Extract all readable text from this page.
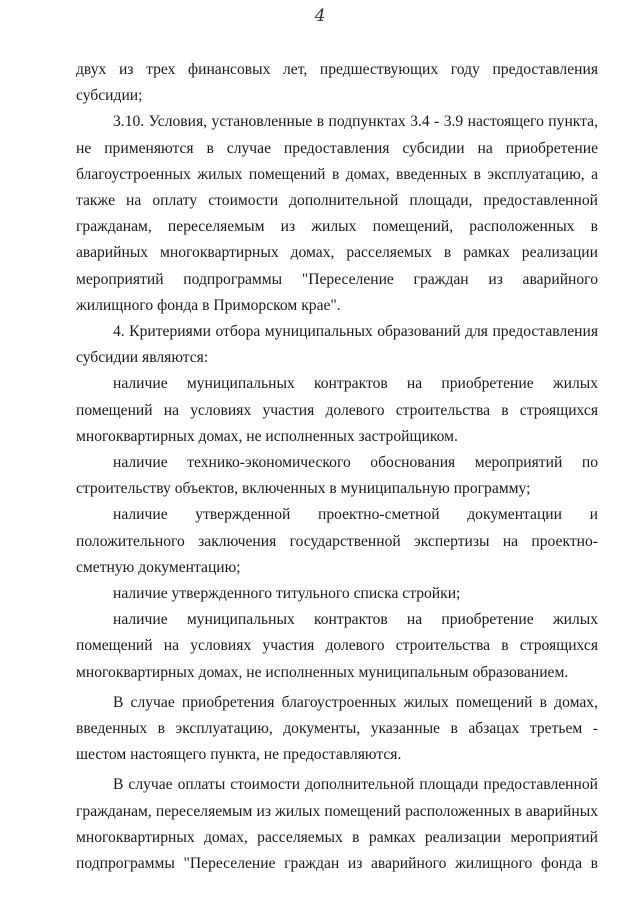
4

двух из трех финансовых лет, предшествующих году предоставления субсидии;

3.10. Условия, установленные в подпунктах 3.4 - 3.9 настоящего пункта, не применяются в случае предоставления субсидии на приобретение благоустроенных жилых помещений в домах, введенных в эксплуатацию, а также на оплату стоимости дополнительной площади, предоставленной гражданам, переселяемым из жилых помещений, расположенных в аварийных многоквартирных домах, расселяемых в рамках реализации мероприятий подпрограммы "Переселение граждан из аварийного жилищного фонда в Приморском крае".

4. Критериями отбора муниципальных образований для предоставления субсидии являются:

наличие муниципальных контрактов на приобретение жилых помещений на условиях участия долевого строительства в строящихся многоквартирных домах, не исполненных застройщиком.

наличие технико-экономического обоснования мероприятий по строительству объектов, включенных в муниципальную программу;

наличие утвержденной проектно-сметной документации и положительного заключения государственной экспертизы на проектно-сметную документацию;

наличие утвержденного титульного списка стройки;

наличие муниципальных контрактов на приобретение жилых помещений на условиях участия долевого строительства в строящихся многоквартирных домах, не исполненных муниципальным образованием.

В случае приобретения благоустроенных жилых помещений в домах, введенных в эксплуатацию, документы, указанные в абзацах третьем - шестом настоящего пункта, не предоставляются.

В случае оплаты стоимости дополнительной площади предоставленной гражданам, переселяемым из жилых помещений расположенных в аварийных многоквартирных домах, расселяемых в рамках реализации мероприятий подпрограммы "Переселение граждан из аварийного жилищного фонда в
